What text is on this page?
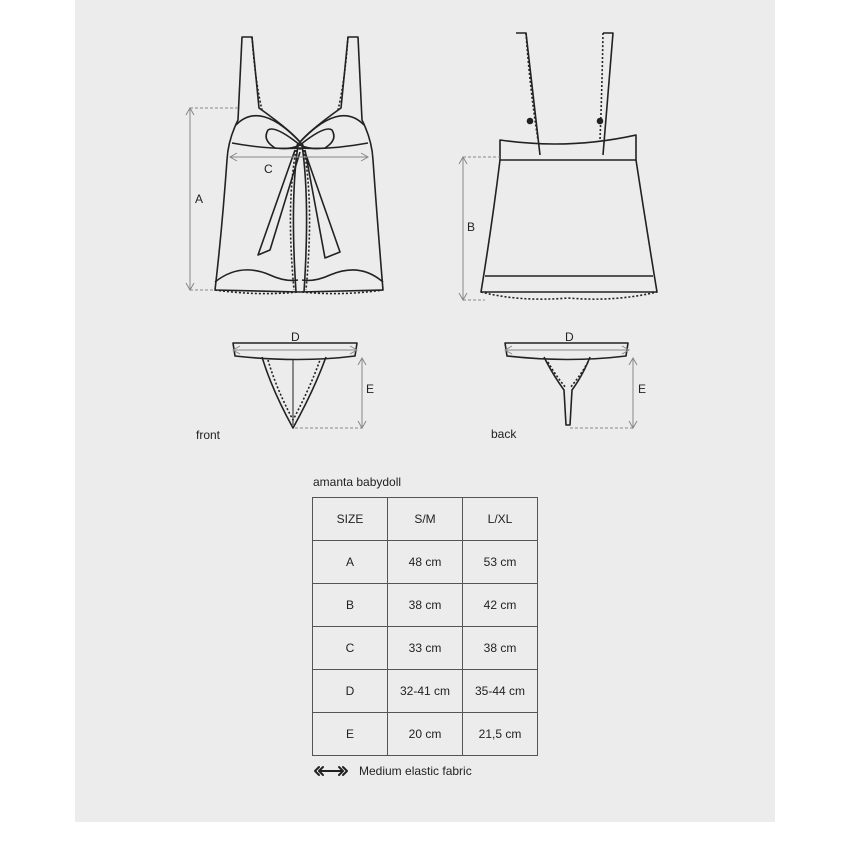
A
C
B
D
E
D
E
front	back
amanta babydoll
SIZE	S/M	L/XL
A	48 cm	53 cm
B	38 cm	42 cm
C	33 cm	38 cm
D	32-41 cm	35-44 cm
E	20 cm	21,5 cm
Medium elastic fabric
